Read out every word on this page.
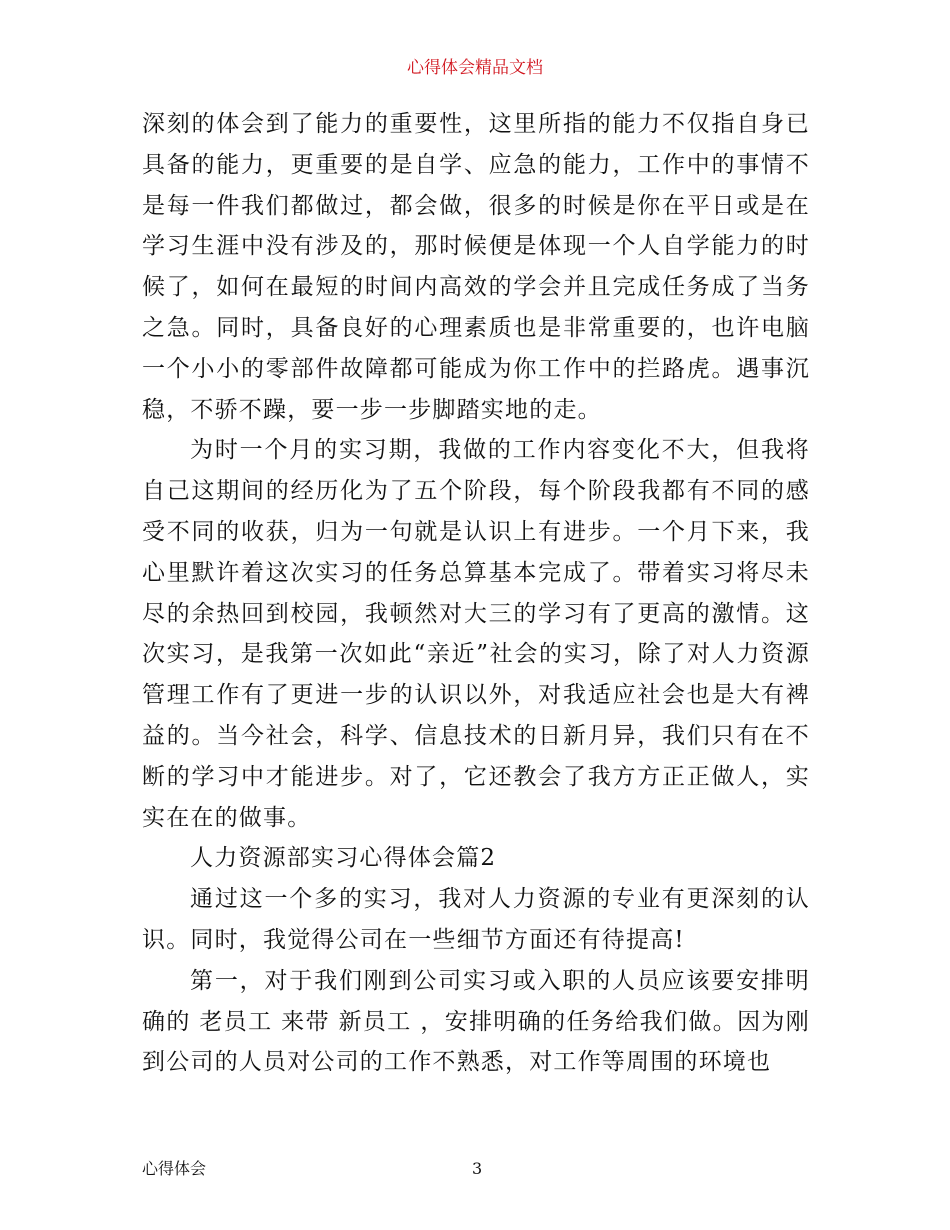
心得体会精品文档

深刻的体会到了能力的重要性，这里所指的能力不仅指自身已具备的能力，更重要的是自学、应急的能力，工作中的事情不是每一件我们都做过，都会做，很多的时候是你在平日或是在学习生涯中没有涉及的，那时候便是体现一个人自学能力的时候了，如何在最短的时间内高效的学会并且完成任务成了当务之急。同时，具备良好的心理素质也是非常重要的，也许电脑一个小小的零部件故障都可能成为你工作中的拦路虎。遇事沉稳，不骄不躁，要一步一步脚踏实地的走。

为时一个月的实习期，我做的工作内容变化不大，但我将自己这期间的经历化为了五个阶段，每个阶段我都有不同的感受不同的收获，归为一句就是认识上有进步。一个月下来，我心里默许着这次实习的任务总算基本完成了。带着实习将尽未尽的余热回到校园，我顿然对大三的学习有了更高的激情。这次实习，是我第一次如此“亲近”社会的实习，除了对人力资源管理工作有了更进一步的认识以外，对我适应社会也是大有裨益的。当今社会，科学、信息技术的日新月异，我们只有在不断的学习中才能进步。对了，它还教会了我方方正正做人，实实在在的做事。

人力资源部实习心得体会篇2

通过这一个多的实习，我对人力资源的专业有更深刻的认识。同时，我觉得公司在一些细节方面还有待提高!

第一，对于我们刚到公司实习或入职的人员应该要安排明确的 老员工 来带 新员工 ，安排明确的任务给我们做。因为刚到公司的人员对公司的工作不熟悉，对工作等周围的环境也

心得体会	3
